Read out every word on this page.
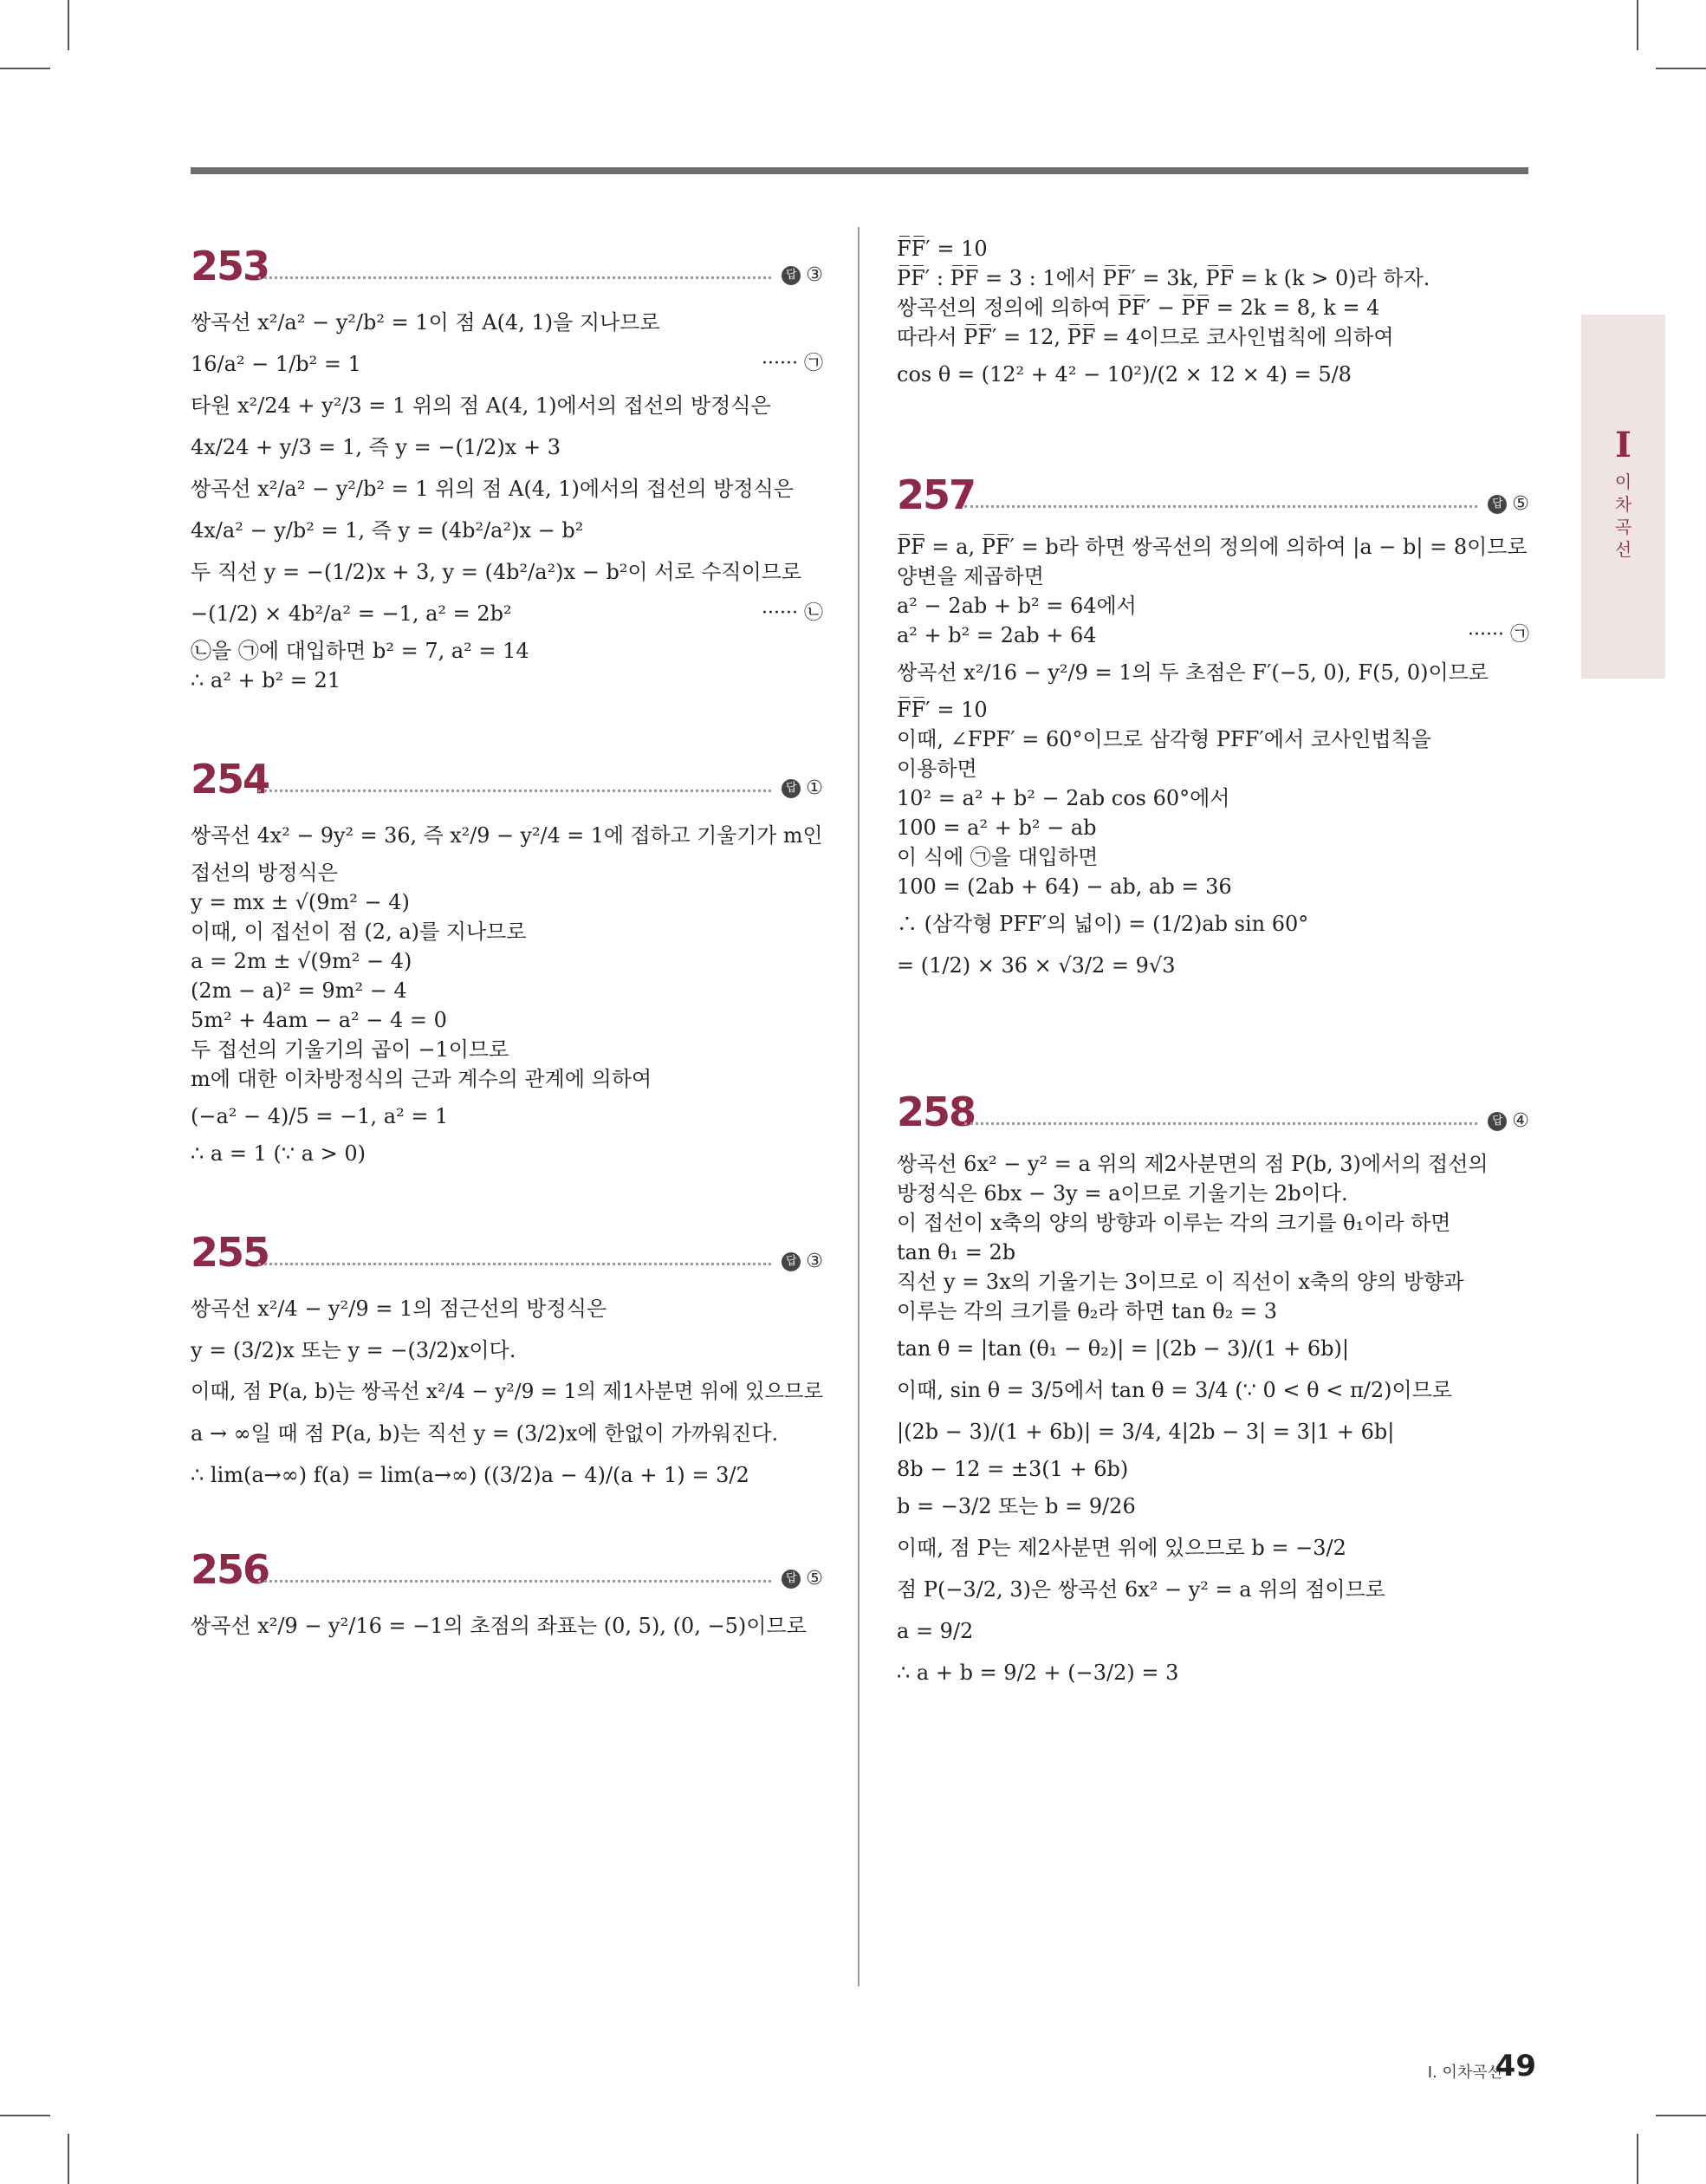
I
이차곡선
253	답 ③
쌍곡선 x²/a² − y²/b² = 1이 점 A(4, 1)을 지나므로
16/a² − 1/b² = 1	······ ㉠
타원 x²/24 + y²/3 = 1 위의 점 A(4, 1)에서의 접선의 방정식은
4x/24 + y/3 = 1, 즉 y = −(1/2)x + 3
쌍곡선 x²/a² − y²/b² = 1 위의 점 A(4, 1)에서의 접선의 방정식은
4x/a² − y/b² = 1, 즉 y = (4b²/a²)x − b²
두 직선 y = −(1/2)x + 3, y = (4b²/a²)x − b²이 서로 수직이므로
−(1/2) × 4b²/a² = −1, a² = 2b²	······ ㉡
㉡을 ㉠에 대입하면 b² = 7, a² = 14
∴ a² + b² = 21
254	답 ①
쌍곡선 4x² − 9y² = 36, 즉 x²/9 − y²/4 = 1에 접하고 기울기가 m인
접선의 방정식은
y = mx ± √(9m² − 4)
이때, 이 접선이 점 (2, a)를 지나므로
a = 2m ± √(9m² − 4)
(2m − a)² = 9m² − 4
5m² + 4am − a² − 4 = 0
두 접선의 기울기의 곱이 −1이므로
m에 대한 이차방정식의 근과 계수의 관계에 의하여
(−a² − 4)/5 = −1, a² = 1
∴ a = 1 (∵ a > 0)
255	답 ③
쌍곡선 x²/4 − y²/9 = 1의 점근선의 방정식은
y = (3/2)x 또는 y = −(3/2)x이다.
이때, 점 P(a, b)는 쌍곡선 x²/4 − y²/9 = 1의 제1사분면 위에 있으므로
a → ∞일 때 점 P(a, b)는 직선 y = (3/2)x에 한없이 가까워진다.
∴ lim(a→∞) f(a) = lim(a→∞) ((3/2)a − 4)/(a + 1) = 3/2
256	답 ⑤
쌍곡선 x²/9 − y²/16 = −1의 초점의 좌표는 (0, 5), (0, −5)이므로
F̅F̅′ = 10
P̅F̅′ : P̅F̅ = 3 : 1에서 P̅F̅′ = 3k, P̅F̅ = k (k > 0)라 하자.
쌍곡선의 정의에 의하여 P̅F̅′ − P̅F̅ = 2k = 8, k = 4
따라서 P̅F̅′ = 12, P̅F̅ = 4이므로 코사인법칙에 의하여
cos θ = (12² + 4² − 10²)/(2 × 12 × 4) = 5/8
257	답 ⑤
P̅F̅ = a, P̅F̅′ = b라 하면 쌍곡선의 정의에 의하여 |a − b| = 8이므로
양변을 제곱하면
a² − 2ab + b² = 64에서
a² + b² = 2ab + 64	······ ㉠
쌍곡선 x²/16 − y²/9 = 1의 두 초점은 F′(−5, 0), F(5, 0)이므로
F̅F̅′ = 10
이때, ∠FPF′ = 60°이므로 삼각형 PFF′에서 코사인법칙을
이용하면
10² = a² + b² − 2ab cos 60°에서
100 = a² + b² − ab
이 식에 ㉠을 대입하면
100 = (2ab + 64) − ab, ab = 36
∴ (삼각형 PFF′의 넓이) = (1/2)ab sin 60°
= (1/2) × 36 × √3/2 = 9√3
258	답 ④
쌍곡선 6x² − y² = a 위의 제2사분면의 점 P(b, 3)에서의 접선의
방정식은 6bx − 3y = a이므로 기울기는 2b이다.
이 접선이 x축의 양의 방향과 이루는 각의 크기를 θ₁이라 하면
tan θ₁ = 2b
직선 y = 3x의 기울기는 3이므로 이 직선이 x축의 양의 방향과
이루는 각의 크기를 θ₂라 하면 tan θ₂ = 3
tan θ = |tan (θ₁ − θ₂)| = |(2b − 3)/(1 + 6b)|
이때, sin θ = 3/5에서 tan θ = 3/4 (∵ 0 < θ < π/2)이므로
|(2b − 3)/(1 + 6b)| = 3/4, 4|2b − 3| = 3|1 + 6b|
8b − 12 = ±3(1 + 6b)
b = −3/2 또는 b = 9/26
이때, 점 P는 제2사분면 위에 있으므로 b = −3/2
점 P(−3/2, 3)은 쌍곡선 6x² − y² = a 위의 점이므로
a = 9/2
∴ a + b = 9/2 + (−3/2) = 3
Ⅰ. 이차곡선
49
